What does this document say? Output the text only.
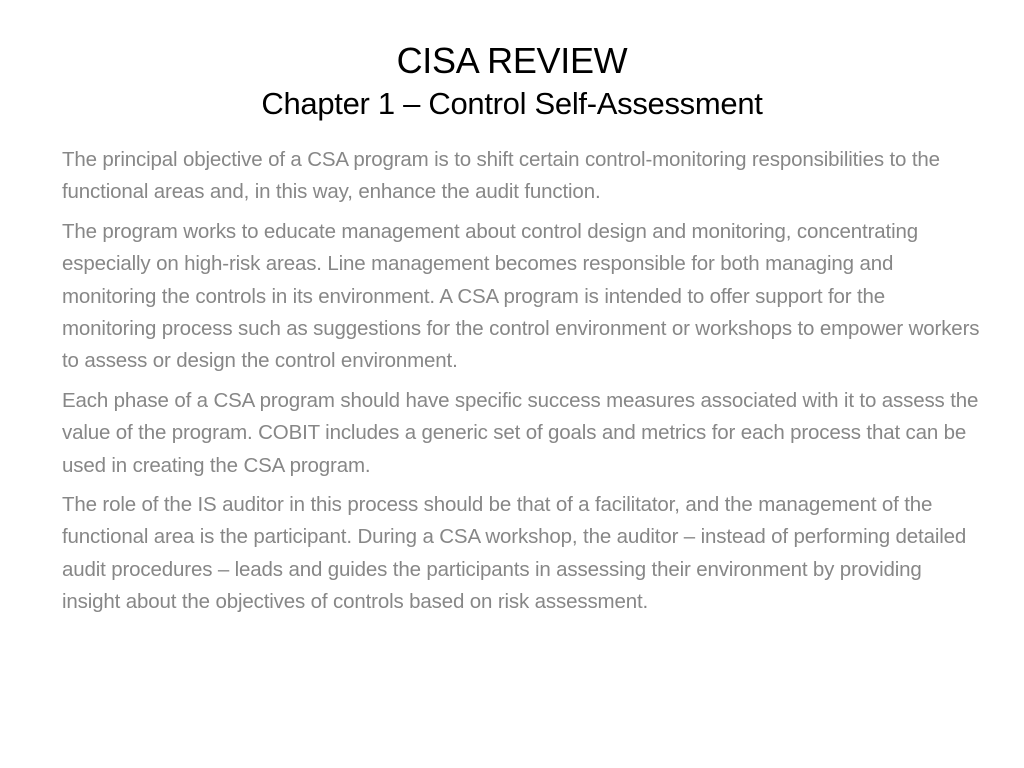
CISA REVIEW
Chapter 1 – Control Self-Assessment

The principal objective of a CSA program is to shift certain control-monitoring responsibilities to the functional areas and, in this way, enhance the audit function.

The program works to educate management about control design and monitoring, concentrating especially on high-risk areas. Line management becomes responsible for both managing and monitoring the controls in its environment. A CSA program is intended to offer support for the monitoring process such as suggestions for the control environment or workshops to empower workers to assess or design the control environment.

Each phase of a CSA program should have specific success measures associated with it to assess the value of the program. COBIT includes a generic set of goals and metrics for each process that can be used in creating the CSA program.

The role of the IS auditor in this process should be that of a facilitator, and the management of the functional area is the participant. During a CSA workshop, the auditor – instead of performing detailed audit procedures – leads and guides the participants in assessing their environment by providing insight about the objectives of controls based on risk assessment.
